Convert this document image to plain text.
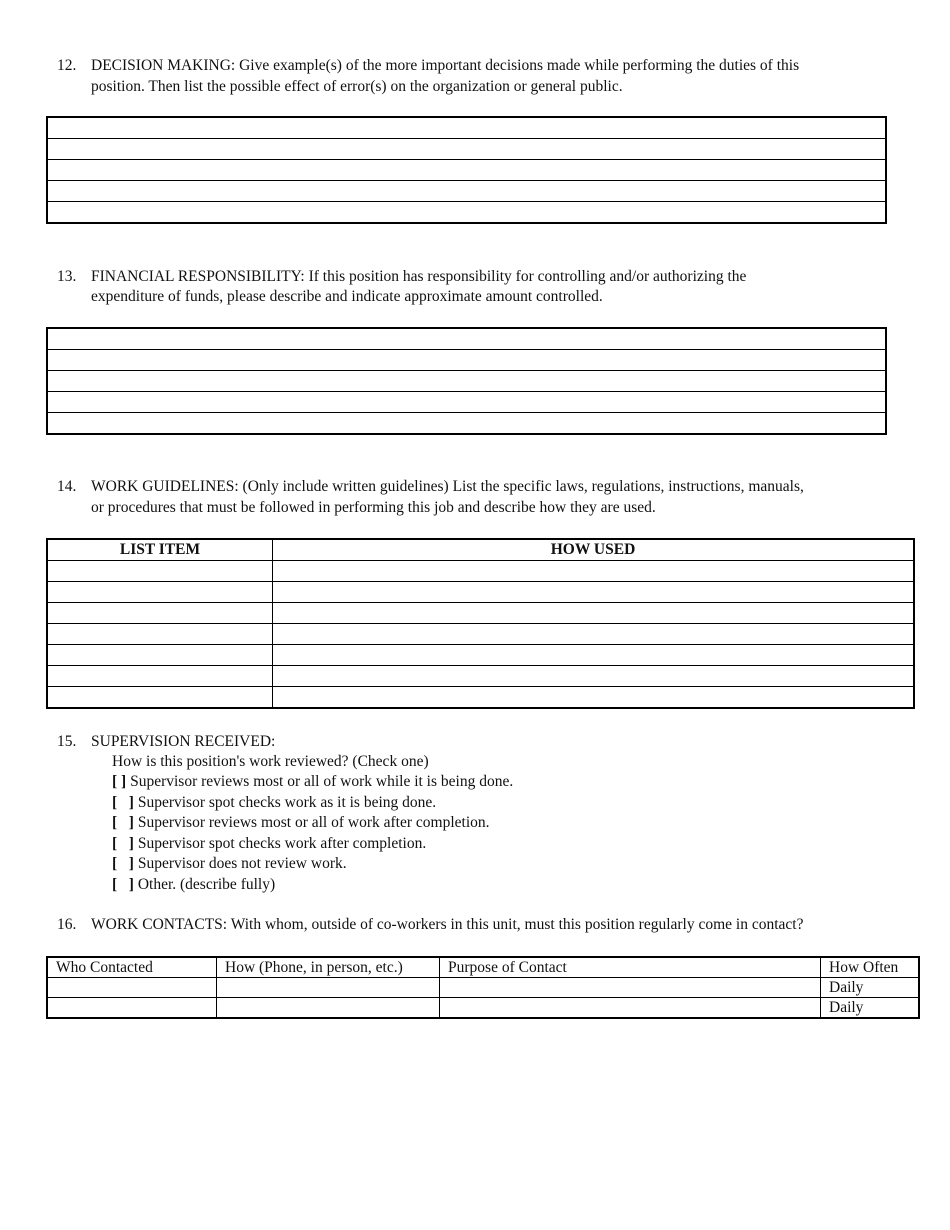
12. DECISION MAKING: Give example(s) of the more important decisions made while performing the duties of this
position. Then list the possible effect of error(s) on the organization or general public.

13. FINANCIAL RESPONSIBILITY: If this position has responsibility for controlling and/or authorizing the
expenditure of funds, please describe and indicate approximate amount controlled.

14. WORK GUIDELINES: (Only include written guidelines) List the specific laws, regulations, instructions, manuals,
or procedures that must be followed in performing this job and describe how they are used.
LIST ITEM	HOW USED

15. SUPERVISION RECEIVED:
How is this position's work reviewed? (Check one)
[ ] Supervisor reviews most or all of work while it is being done.
[   ] Supervisor spot checks work as it is being done.
[   ] Supervisor reviews most or all of work after completion.
[   ] Supervisor spot checks work after completion.
[   ] Supervisor does not review work.
[   ] Other. (describe fully)
16. WORK CONTACTS: With whom, outside of co-workers in this unit, must this position regularly come in contact?
Who Contacted	How (Phone, in person, etc.)	Purpose of Contact	How Often
			Daily
			Daily
